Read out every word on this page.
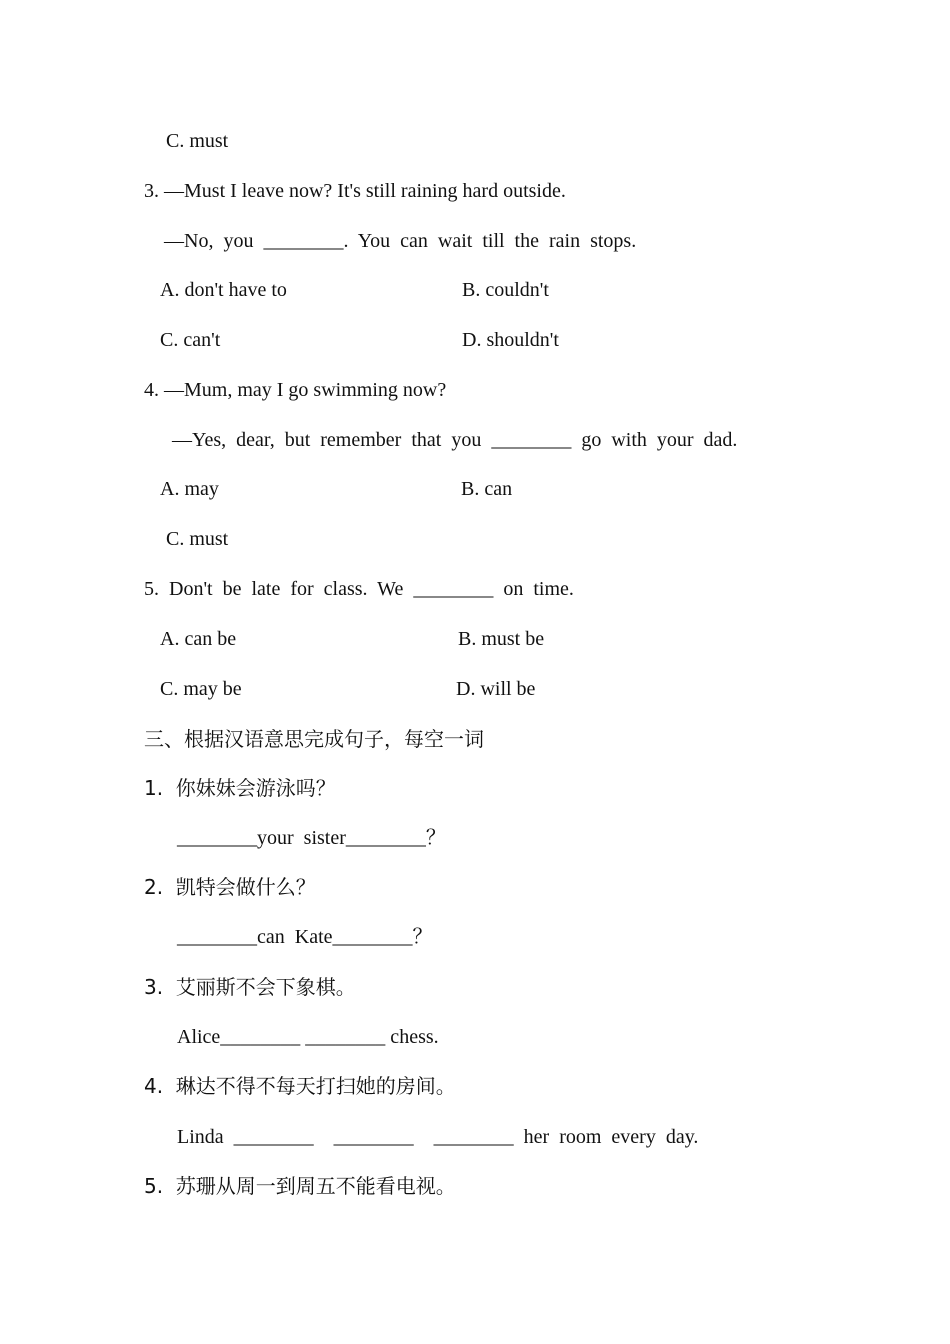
C. must
3. —Must I leave now? It's still raining hard outside.
—No,  you  ________.  You  can  wait  till  the  rain  stops.
A. don't have to	B. couldn't
C. can't	D. shouldn't
4. —Mum, may I go swimming now?
—Yes,  dear,  but  remember  that  you  ________  go  with  your  dad.
A. may	B. can
C. must
5.  Don't  be  late  for  class.  We  ________  on  time.
A. can be	B. must be
C. may be	D. will be
三、根据汉语意思完成句子，每空一词
1.  你妹妹会游泳吗？
________your  sister________？
2.  凯特会做什么？
________can  Kate________？
3.  艾丽斯不会下象棋。
Alice________ ________ chess.
4.  琳达不得不每天打扫她的房间。
Linda  ________    ________    ________  her  room  every  day.
5.  苏珊从周一到周五不能看电视。
